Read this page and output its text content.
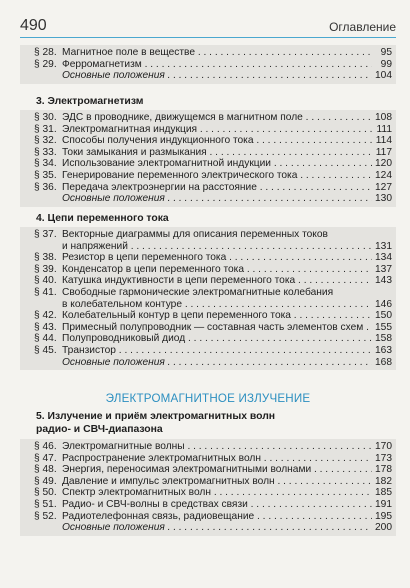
490	Оглавление
§ 28. Магнитное поле в веществе . . .	95
§ 29. Ферромагнетизм . . .	99
Основные положения . . .	104
3. Электромагнетизм
§ 30. ЭДС в проводнике, движущемся в магнитном поле . . .	108
§ 31. Электромагнитная индукция . . .	111
§ 32. Способы получения индукционного тока . . .	114
§ 33. Токи замыкания и размыкания . . .	117
§ 34. Использование электромагнитной индукции . . .	120
§ 35. Генерирование переменного электрического тока . . .	124
§ 36. Передача электроэнергии на расстояние . . .	127
Основные положения . . .	130
4. Цепи переменного тока
§ 37. Векторные диаграммы для описания переменных токов
и напряжений . . .	131
§ 38. Резистор в цепи переменного тока . . .	134
§ 39. Конденсатор в цепи переменного тока . . .	137
§ 40. Катушка индуктивности в цепи переменного тока . . .	143
§ 41. Свободные гармонические электромагнитные колебания
в колебательном контуре . . .	146
§ 42. Колебательный контур в цепи переменного тока . . .	150
§ 43. Примесный полупроводник — составная часть элементов схем . . .	155
§ 44. Полупроводниковый диод . . .	158
§ 45. Транзистор . . .	163
Основные положения . . .	168
ЭЛЕКТРОМАГНИТНОЕ ИЗЛУЧЕНИЕ
5. Излучение и приём электромагнитных волн
радио- и СВЧ-диапазона
§ 46. Электромагнитные волны . . .	170
§ 47. Распространение электромагнитных волн . . .	173
§ 48. Энергия, переносимая электромагнитными волнами . . .	178
§ 49. Давление и импульс электромагнитных волн . . .	182
§ 50. Спектр электромагнитных волн . . .	185
§ 51. Радио- и СВЧ-волны в средствах связи . . .	191
§ 52. Радиотелефонная связь, радиовещание . . .	195
Основные положения . . .	200
